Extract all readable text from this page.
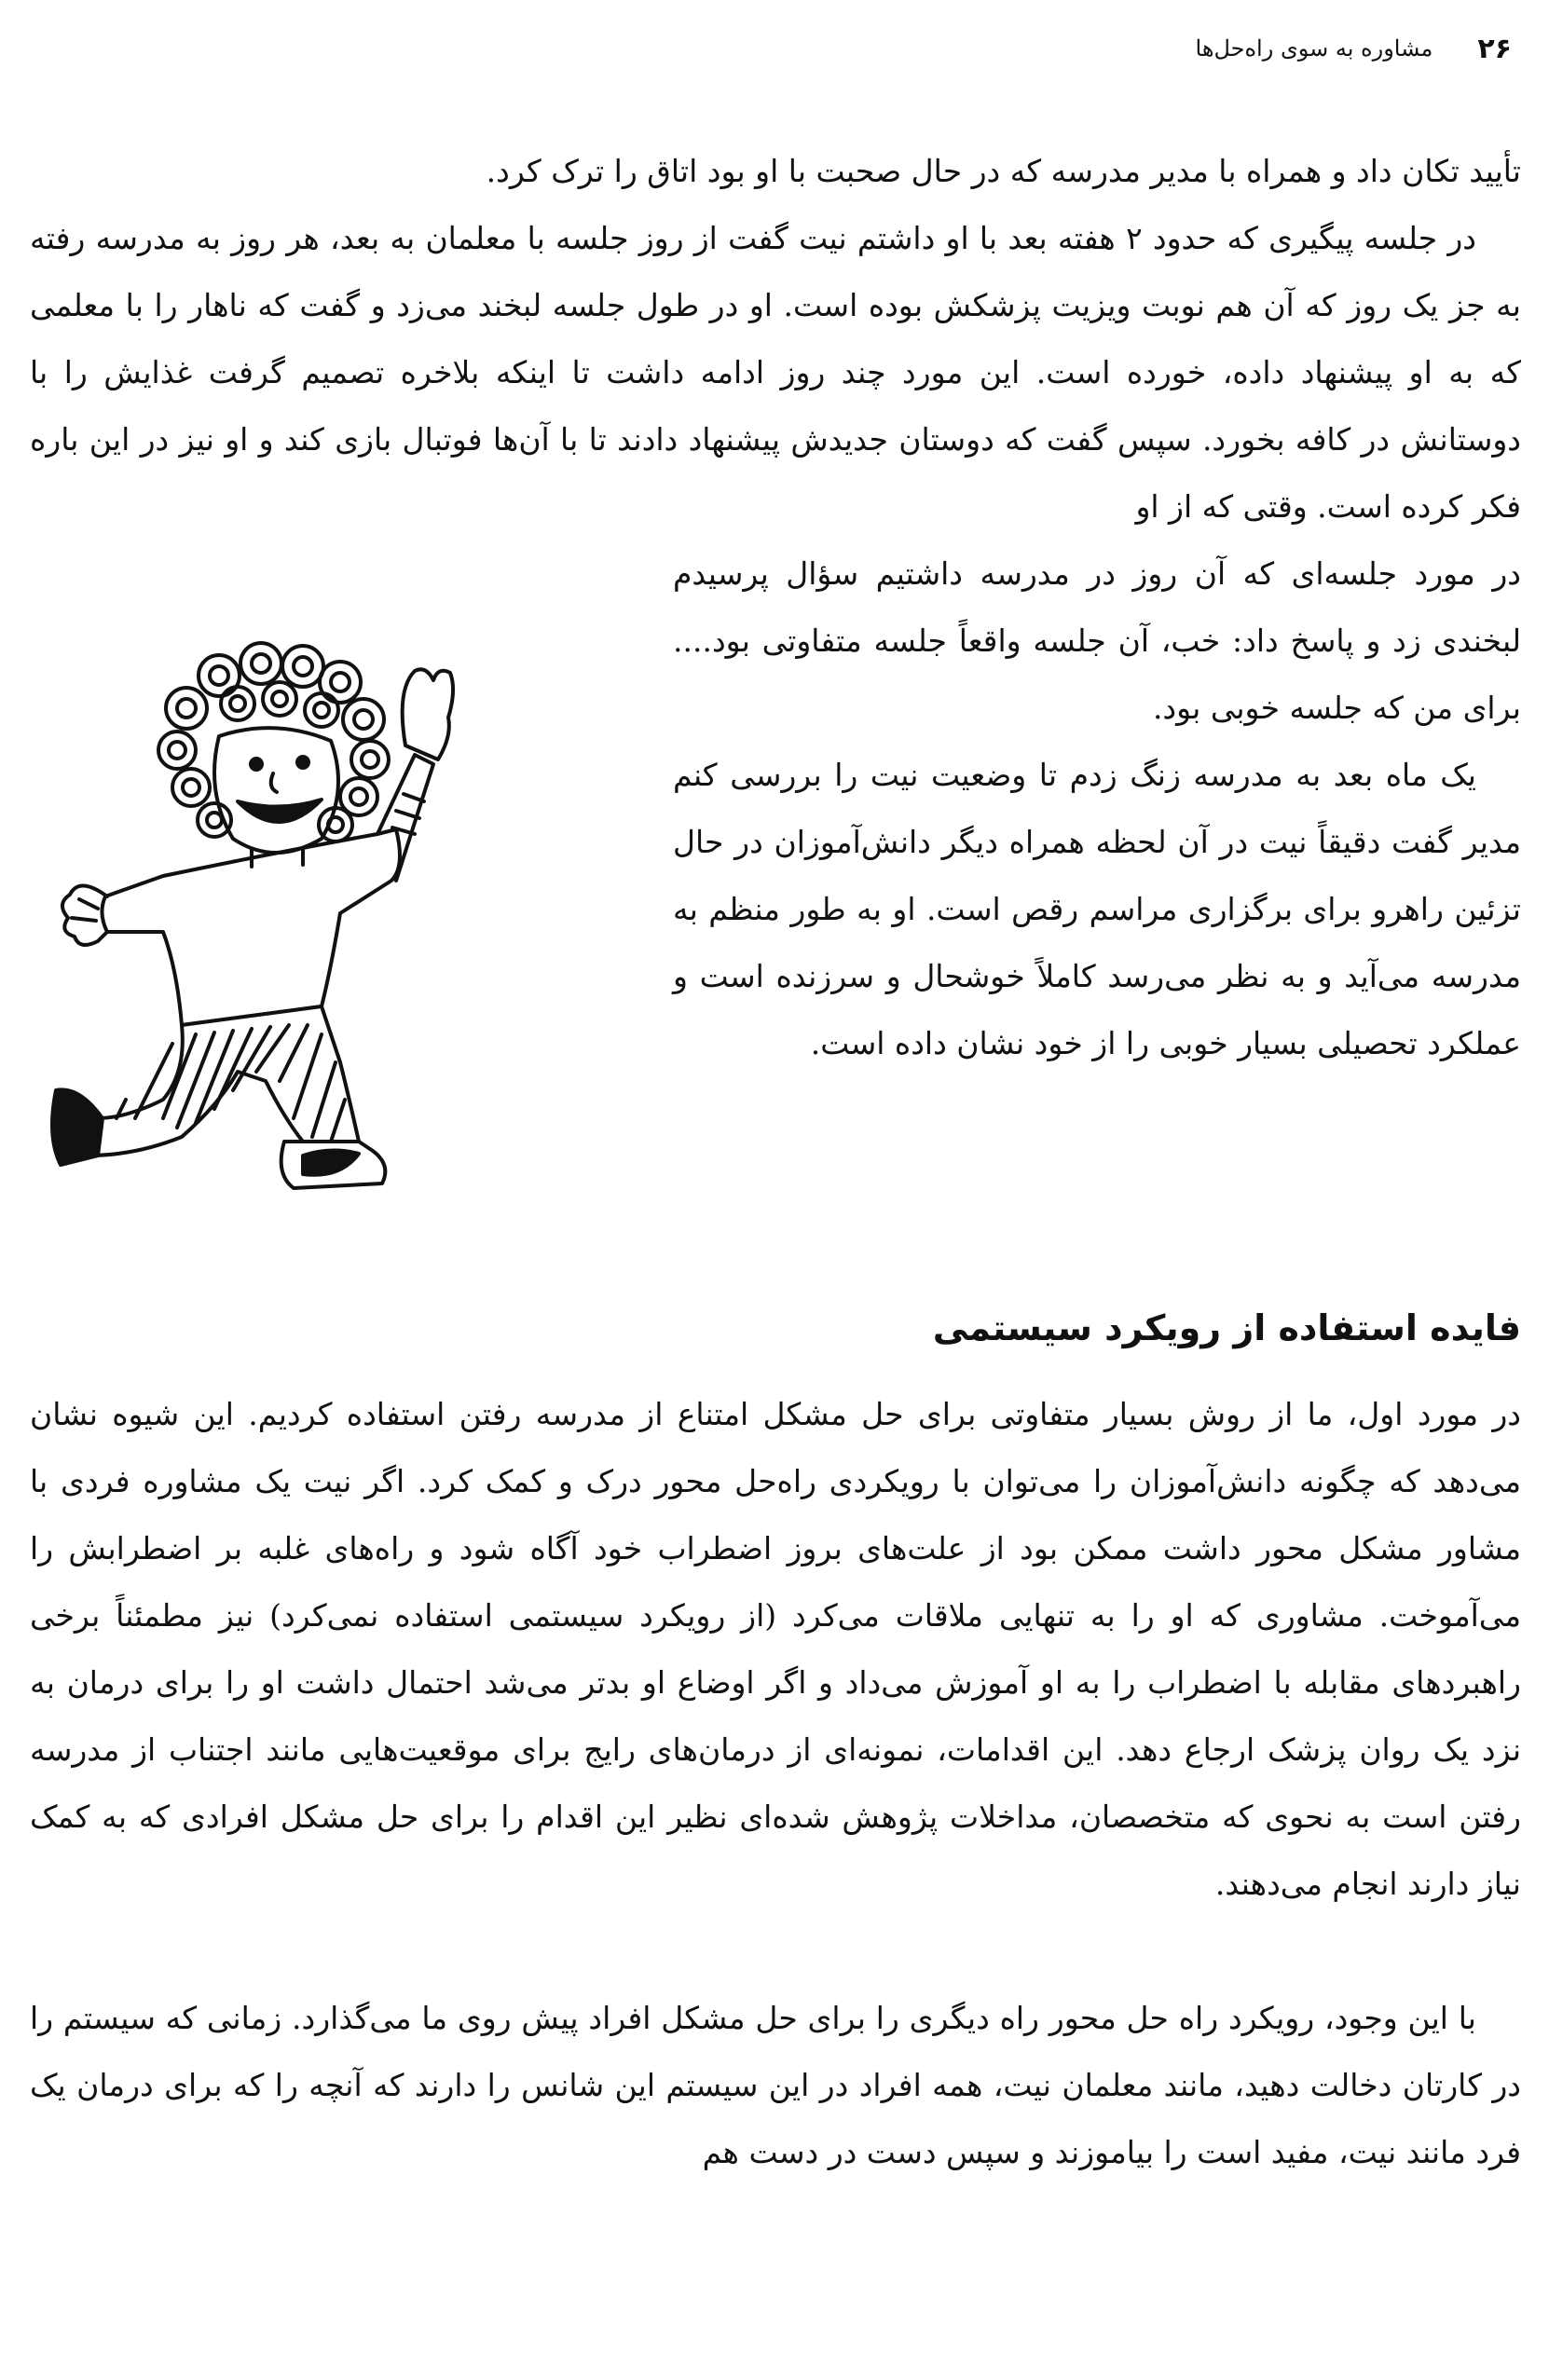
۲۶
مشاوره به سوی راه‌حل‌ها

تأیید تکان داد و همراه با مدیر مدرسه که در حال صحبت با او بود اتاق را ترک کرد.

در جلسه پیگیری که حدود ۲ هفته بعد با او داشتم نیت گفت از روز جلسه با معلمان به بعد، هر روز به مدرسه رفته به جز یک روز که آن هم نوبت ویزیت پزشکش بوده است. او در طول جلسه لبخند می‌زد و گفت که ناهار را با معلمی که به او پیشنهاد داده، خورده است. این مورد چند روز ادامه داشت تا اینکه بلاخره تصمیم گرفت غذایش را با دوستانش در کافه بخورد. سپس گفت که دوستان جدیدش پیشنهاد دادند تا با آن‌ها فوتبال بازی کند و او نیز در این باره فکر کرده است. وقتی که از او

در مورد جلسه‌ای که آن روز در مدرسه داشتیم سؤال پرسیدم لبخندی زد و پاسخ داد: خب، آن جلسه واقعاً جلسه متفاوتی بود.... برای من که جلسه خوبی بود.

یک ماه بعد به مدرسه زنگ زدم تا وضعیت نیت را بررسی کنم مدیر گفت دقیقاً نیت در آن لحظه همراه دیگر دانش‌آموزان در حال تزئین راهرو برای برگزاری مراسم رقص است. او به طور منظم به مدرسه می‌آید و به نظر می‌رسد کاملاً خوشحال و سرزنده است و عملکرد تحصیلی بسیار خوبی را از خود نشان داده است.

فایده استفاده از رویکرد سیستمی

در مورد اول، ما از روش بسیار متفاوتی برای حل مشکل امتناع از مدرسه رفتن استفاده کردیم. این شیوه نشان می‌دهد که چگونه دانش‌آموزان را می‌توان با رویکردی راه‌حل محور درک و کمک کرد. اگر نیت یک مشاوره فردی با مشاور مشکل محور داشت ممکن بود از علت‌های بروز اضطراب خود آگاه شود و راه‌های غلبه بر اضطرابش را می‌آموخت. مشاوری که او را به تنهایی ملاقات می‌کرد (از رویکرد سیستمی استفاده نمی‌کرد) نیز مطمئناً برخی راهبردهای مقابله با اضطراب را به او آموزش می‌داد و اگر اوضاع او بدتر می‌شد احتمال داشت او را برای درمان به نزد یک روان پزشک ارجاع دهد. این اقدامات، نمونه‌ای از درمان‌های رایج برای موقعیت‌هایی مانند اجتناب از مدرسه رفتن است به نحوی که متخصصان، مداخلات پژوهش شده‌ای نظیر این اقدام را برای حل مشکل افرادی که به کمک نیاز دارند انجام می‌دهند.

با این وجود، رویکرد راه حل محور راه دیگری را برای حل مشکل افراد پیش روی ما می‌گذارد. زمانی که سیستم را در کارتان دخالت دهید، مانند معلمان نیت، همه افراد در این سیستم این شانس را دارند که آنچه را که برای درمان یک فرد مانند نیت، مفید است را بیاموزند و سپس دست در دست هم
